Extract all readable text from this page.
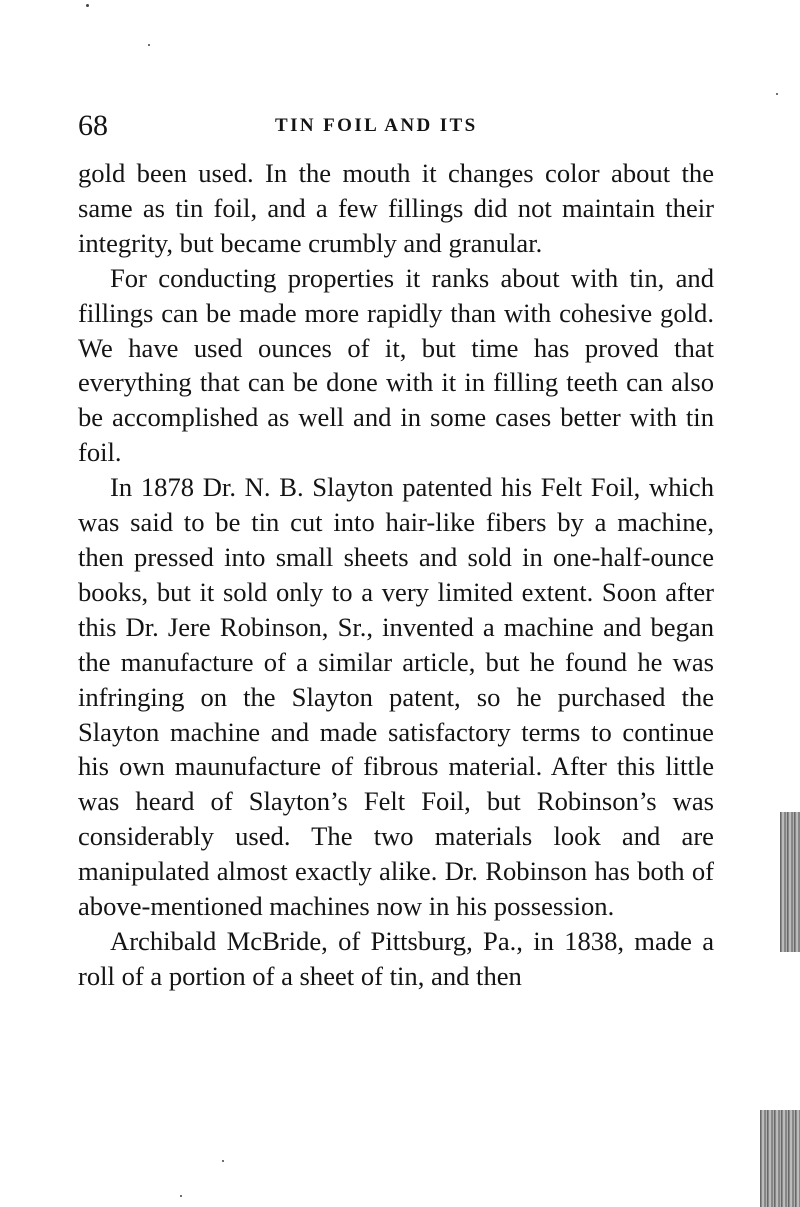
68	TIN FOIL AND ITS

gold been used. In the mouth it changes color about the same as tin foil, and a few fillings did not maintain their integrity, but became crumbly and granular.

For conducting properties it ranks about with tin, and fillings can be made more rapidly than with cohesive gold. We have used ounces of it, but time has proved that everything that can be done with it in filling teeth can also be accomplished as well and in some cases better with tin foil.

In 1878 Dr. N. B. Slayton patented his Felt Foil, which was said to be tin cut into hair-like fibers by a machine, then pressed into small sheets and sold in one-half-ounce books, but it sold only to a very limited extent. Soon after this Dr. Jere Robinson, Sr., invented a machine and began the manufacture of a similar article, but he found he was infringing on the Slayton patent, so he purchased the Slayton machine and made satisfactory terms to continue his own maunufacture of fibrous material. After this little was heard of Slayton’s Felt Foil, but Robinson’s was considerably used. The two materials look and are manipulated almost exactly alike. Dr. Robinson has both of above-mentioned machines now in his possession.

Archibald McBride, of Pittsburg, Pa., in 1838, made a roll of a portion of a sheet of tin, and then
